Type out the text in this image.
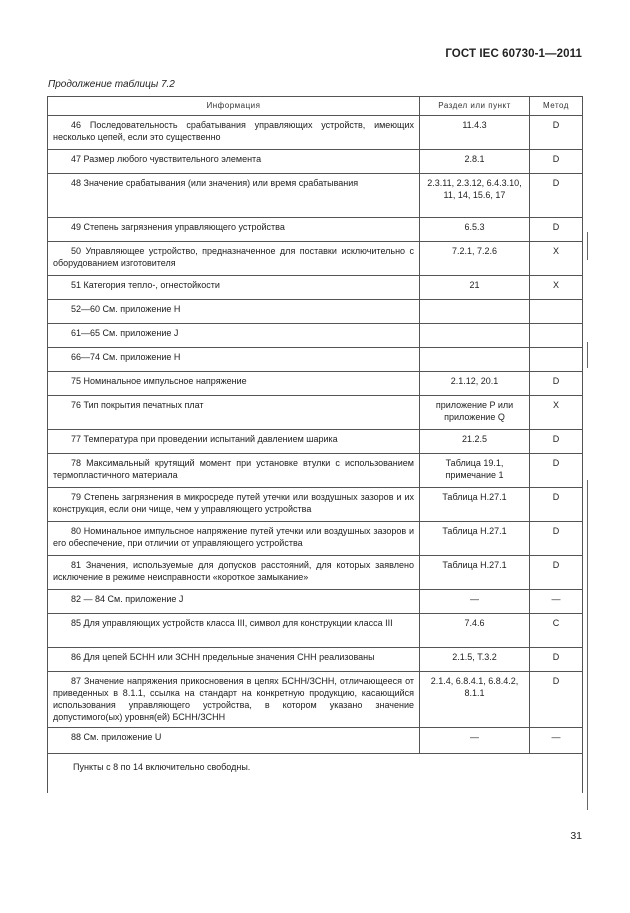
ГОСТ IEC 60730-1—2011
Продолжение таблицы 7.2
Информация	Раздел или пункт	Метод

46 Последовательность срабатывания управляющих устройств, имеющих несколько цепей, если это существенно	11.4.3	D

47 Размер любого чувствительного элемента	2.8.1	D

48 Значение срабатывания (или значения) или время срабатывания	2.3.11, 2.3.12, 6.4.3.10, 11, 14, 15.6, 17	D

49 Степень загрязнения управляющего устройства	6.5.3	D

50 Управляющее устройство, предназначенное для поставки исключительно с оборудованием изготовителя	7.2.1, 7.2.6	X

51 Категория тепло-, огнестойкости	21	X

52—60 См. приложение H		

61—65 См. приложение J		

66—74 См. приложение H		

75 Номинальное импульсное напряжение	2.1.12, 20.1	D

76 Тип покрытия печатных плат	приложение P или приложение Q	X

77 Температура при проведении испытаний давлением шарика	21.2.5	D

78 Максимальный крутящий момент при установке втулки с использованием термопластичного материала	Таблица 19.1, примечание 1	D

79 Степень загрязнения в микросреде путей утечки или воздушных зазоров и их конструкция, если они чище, чем у управляющего устройства	Таблица H.27.1	D

80 Номинальное импульсное напряжение путей утечки или воздушных зазоров и его обеспечение, при отличии от управляющего устройства	Таблица H.27.1	D

81 Значения, используемые для допусков расстояний, для которых заявлено исключение в режиме неисправности «короткое замыкание»	Таблица H.27.1	D

82 — 84 См. приложение J	—	—

85 Для управляющих устройств класса III, символ для конструкции класса III	7.4.6	C

86 Для цепей БСНН или ЗСНН предельные значения СНН реализованы	2.1.5, Т.3.2	D

87 Значение напряжения прикосновения в цепях БСНН/ЗСНН, отличающееся от приведенных в 8.1.1, ссылка на стандарт на конкретную продукцию, касающийся использования управляющего устройства, в котором указано значение допустимого(ых) уровня(ей) БСНН/ЗСНН	2.1.4, 6.8.4.1, 6.8.4.2, 8.1.1	D

88 См. приложение U	—	—
Пункты с 8 по 14 включительно свободны.		
31
